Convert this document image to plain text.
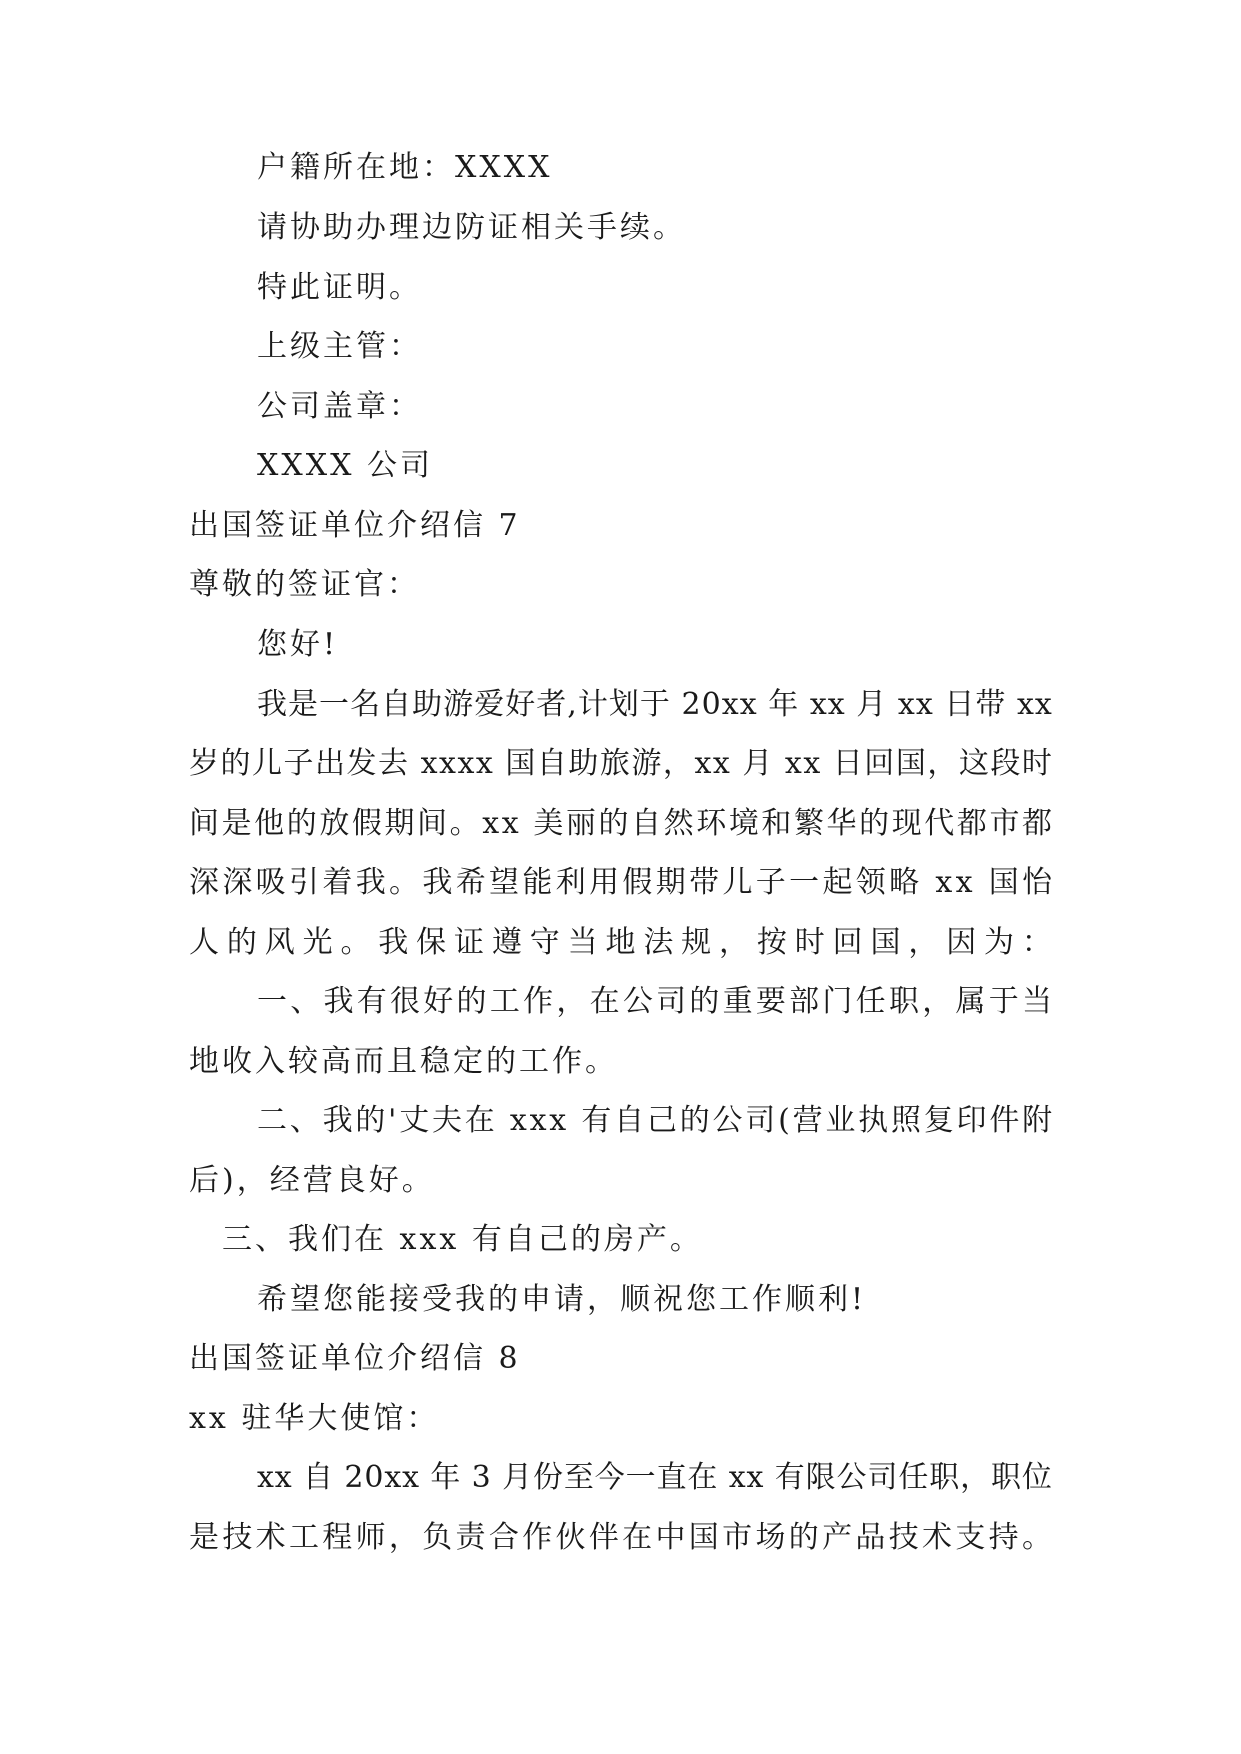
户籍所在地：XXXX
请协助办理边防证相关手续。
特此证明。
上级主管：
公司盖章：
XXXX 公司
出国签证单位介绍信 7
尊敬的签证官：
您好!
我是一名自助游爱好者,计划于 20xx 年 xx 月 xx 日带 xx
岁的儿子出发去 xxxx 国自助旅游，xx 月 xx 日回国，这段时
间是他的放假期间。xx 美丽的自然环境和繁华的现代都市都
深深吸引着我。我希望能利用假期带儿子一起领略 xx 国怡
人的风光。我保证遵守当地法规，按时回国，因为：
一、我有很好的工作，在公司的重要部门任职，属于当
地收入较高而且稳定的工作。
二、我的'丈夫在 xxx 有自己的公司(营业执照复印件附
后)，经营良好。
三、我们在 xxx 有自己的房产。
希望您能接受我的申请，顺祝您工作顺利!
出国签证单位介绍信 8
xx 驻华大使馆：
xx 自 20xx 年 3 月份至今一直在 xx 有限公司任职，职位
是技术工程师，负责合作伙伴在中国市场的产品技术支持。
